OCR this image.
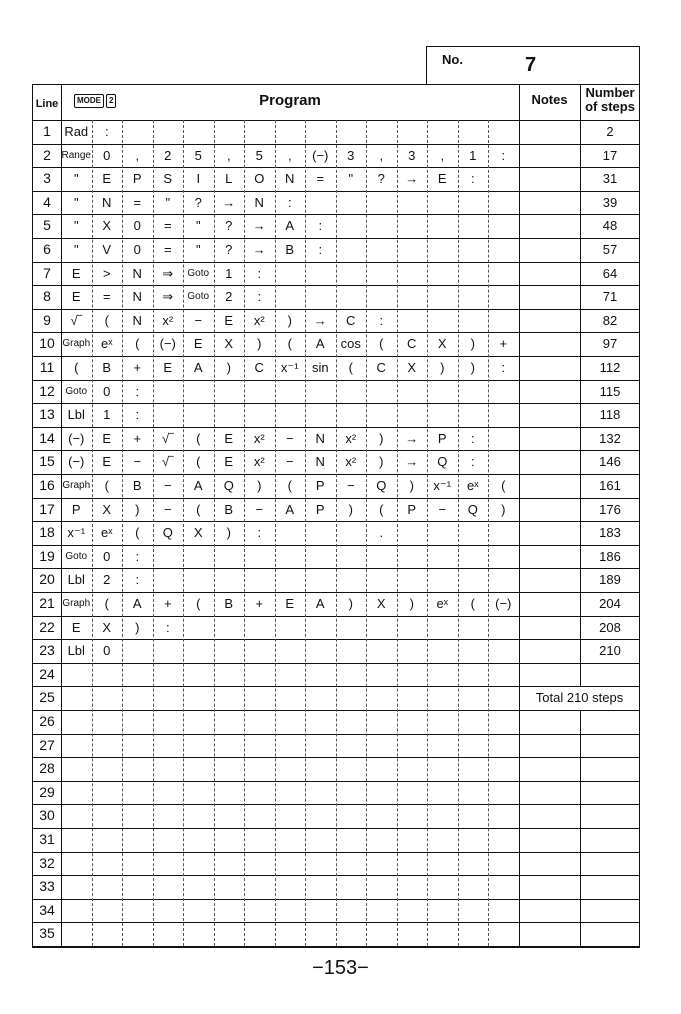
No.	7
Line	MODE	2	Program	Notes	Number of steps
1	Rad	:	2
2	Range 0	,	2	5	,	5	,	(−)	3	,	3	,	1	:	17
3	"	E	P	S	I	L	O	N	=	"	?	→	E	:	31
4	"	N	=	"	?	→	N	:	39
5	"	X	0	=	"	?	→	A	:	48
6	"	V	0	=	"	?	→	B	:	57
7	E	>	N	⇒	Goto	1	:	64
8	E	=	N	⇒	Goto	2	:	71
9	√‾	(	N	x²	−	E	x²	)	→	C	:	82
10 Graph eˣ	(	(−)	E	X	)	(	A	cos	(	C	X	)	+	97
11	(	B	+	E	A	)	C	x⁻¹	sin	(	C	X	)	)	:	112
12	Goto	0	:	115
13 Lbl	1	:	118
14	(−)	E	+	√‾	(	E	x²	−	N	x²	)	→	P	:	132
15	(−)	E	−	√‾	(	E	x²	−	N	x²	)	→	Q	:	146
16 Graph	(	B	−	A	Q	)	(	P	−	Q	)	x⁻¹	eˣ	(	161
17	P	X	)	−	(	B	−	A	P	)	(	P	−	Q	)	176
18 x⁻¹	eˣ	(	Q	X	)	:	.	183
19	Goto	0	:	186
20 Lbl	2	:	189
21 Graph	(	A	+	(	B	+	E	A	)	X	)	eˣ	(	(−)	204
22	E	X	)	:	208
23 Lbl	0	210
24
25
26
27
28
29
30
31
32
33
34
35
Total 210 steps
−153−
